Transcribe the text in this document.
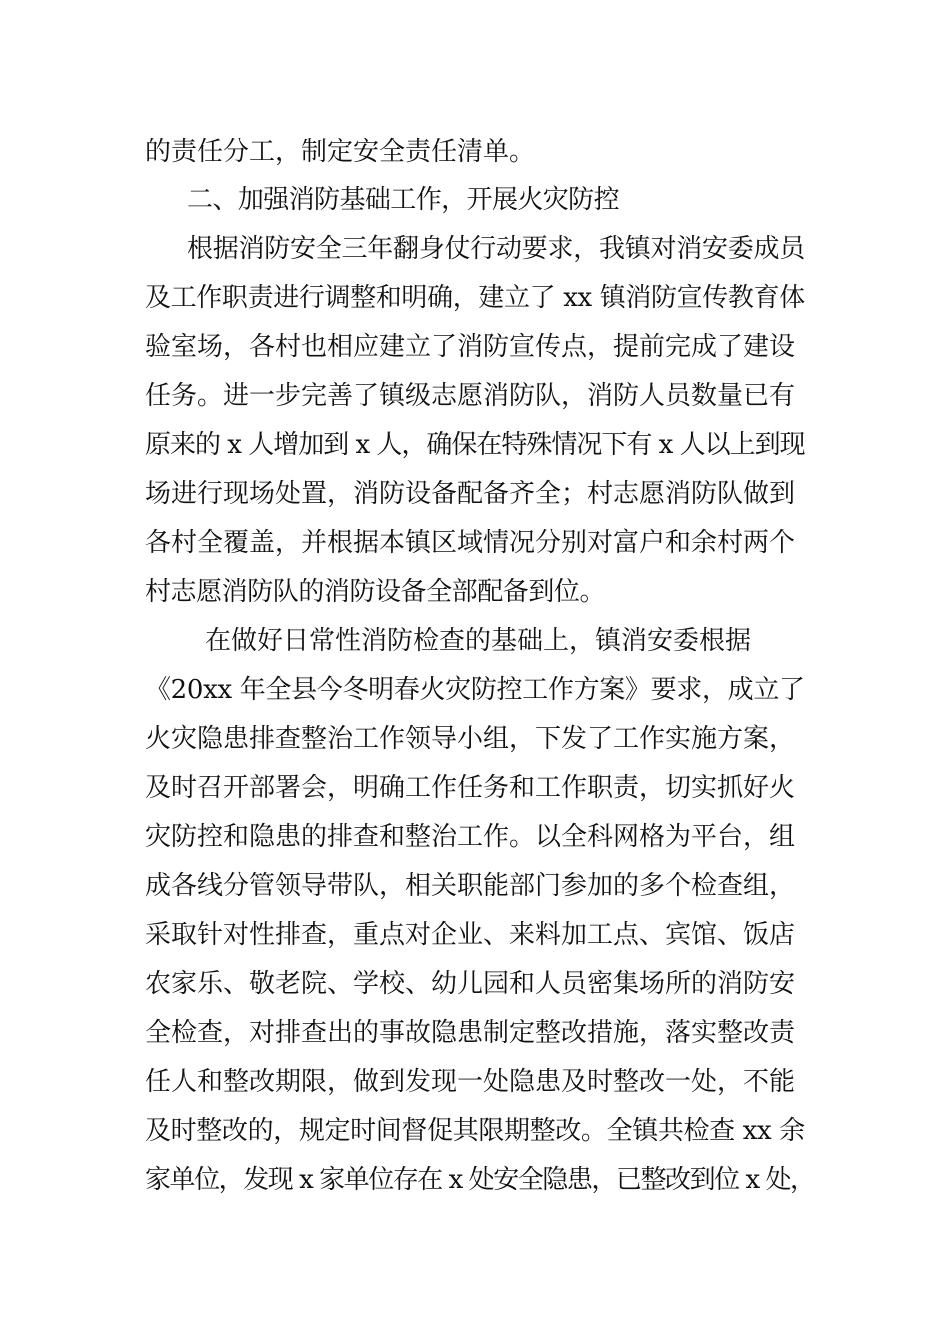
的责任分工，制定安全责任清单。
二、加强消防基础工作，开展火灾防控
根据消防安全三年翻身仗行动要求，我镇对消安委成员
及工作职责进行调整和明确，建立了 xx 镇消防宣传教育体
验室场，各村也相应建立了消防宣传点，提前完成了建设
任务。进一步完善了镇级志愿消防队，消防人员数量已有
原来的 x 人增加到 x 人，确保在特殊情况下有 x 人以上到现
场进行现场处置，消防设备配备齐全；村志愿消防队做到
各村全覆盖，并根据本镇区域情况分别对富户和余村两个
村志愿消防队的消防设备全部配备到位。
在做好日常性消防检查的基础上，镇消安委根据
《20xx 年全县今冬明春火灾防控工作方案》要求，成立了
火灾隐患排查整治工作领导小组，下发了工作实施方案，
及时召开部署会，明确工作任务和工作职责，切实抓好火
灾防控和隐患的排查和整治工作。以全科网格为平台，组
成各线分管领导带队，相关职能部门参加的多个检查组，
采取针对性排查，重点对企业、来料加工点、宾馆、饭店
农家乐、敬老院、学校、幼儿园和人员密集场所的消防安
全检查，对排查出的事故隐患制定整改措施，落实整改责
任人和整改期限，做到发现一处隐患及时整改一处，不能
及时整改的，规定时间督促其限期整改。全镇共检查 xx 余
家单位，发现 x 家单位存在 x 处安全隐患，已整改到位 x 处，
